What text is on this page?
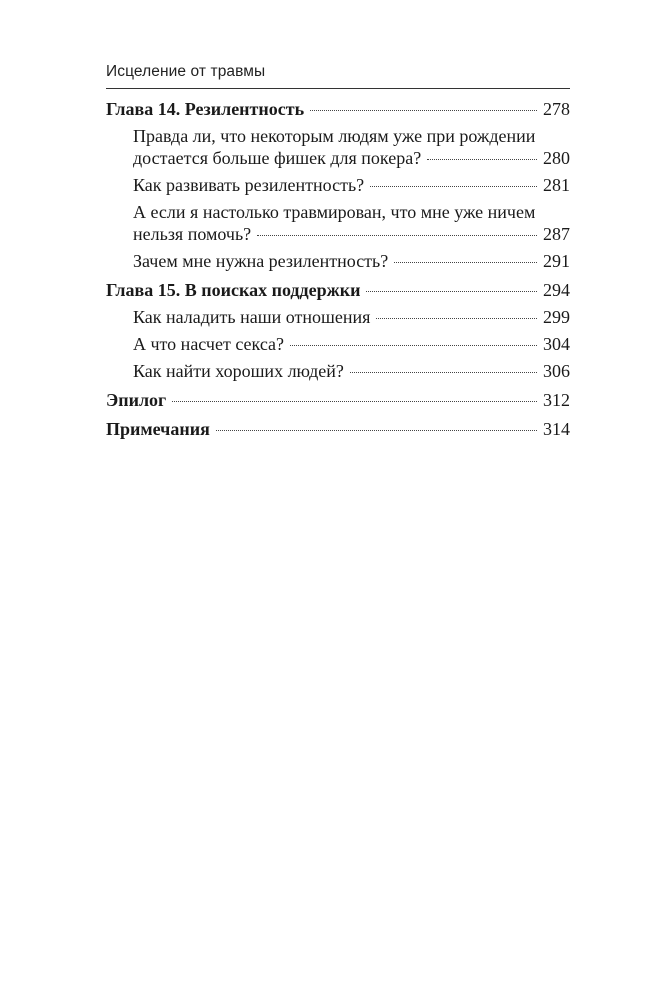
Исцеление от травмы
Глава 14. Резилентность	278
Правда ли, что некоторым людям уже при рождении
достается больше фишек для покера?	280
Как развивать резилентность?	281
А если я настолько травмирован, что мне уже ничем
нельзя помочь?	287
Зачем мне нужна резилентность?	291
Глава 15. В поисках поддержки	294
Как наладить наши отношения	299
А что насчет секса?	304
Как найти хороших людей?	306
Эпилог	312
Примечания	314
